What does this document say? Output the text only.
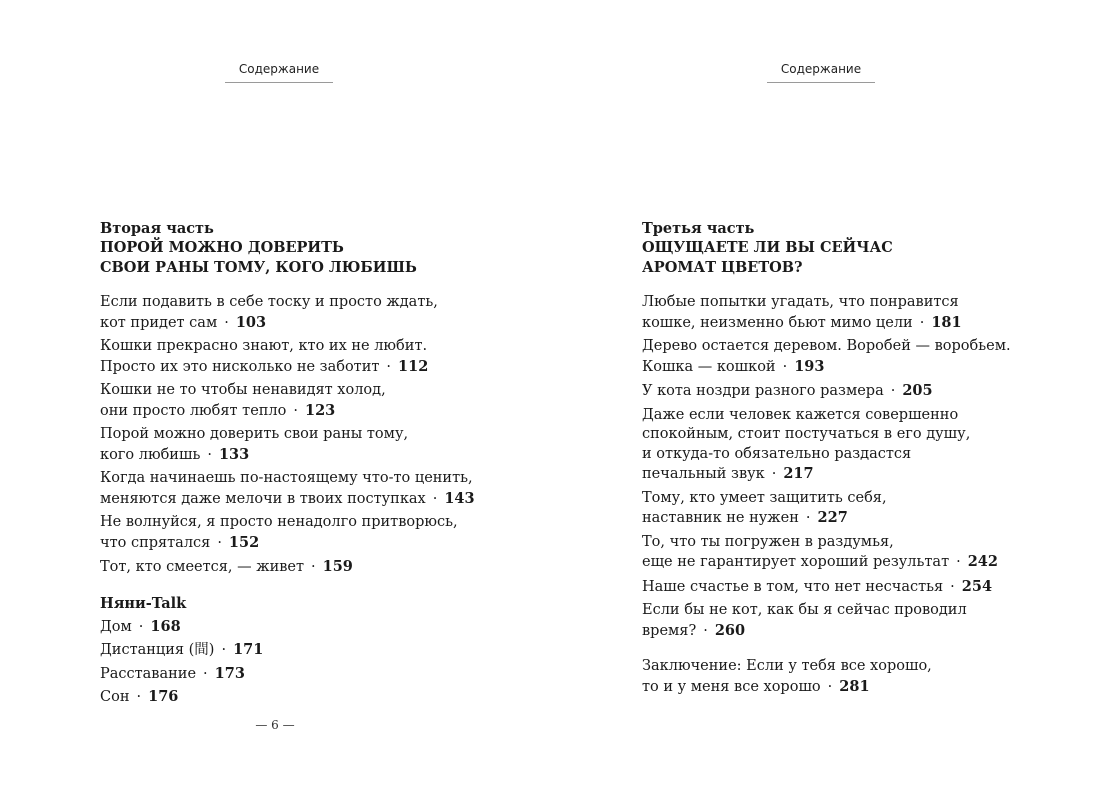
Содержание
Вторая часть
ПОРОЙ МОЖНО ДОВЕРИТЬ
СВОИ РАНЫ ТОМУ, КОГО ЛЮБИШЬ
Если подавить в себе тоску и просто ждать,
кот придет сам · 103
Кошки прекрасно знают, кто их не любит.
Просто их это нисколько не заботит · 112
Кошки не то чтобы ненавидят холод,
они просто любят тепло · 123
Порой можно доверить свои раны тому,
кого любишь · 133
Когда начинаешь по-настоящему что-то ценить,
меняются даже мелочи в твоих поступках · 143
Не волнуйся, я просто ненадолго притворюсь,
что спрятался · 152
Тот, кто смеется, — живет · 159
Няни-Talk
Дом · 168
Дистанция (間) · 171
Расставание · 173
Сон · 176
— 6 —
Содержание
Третья часть
ОЩУЩАЕТЕ ЛИ ВЫ СЕЙЧАС
АРОМАТ ЦВЕТОВ?
Любые попытки угадать, что понравится
кошке, неизменно бьют мимо цели · 181
Дерево остается деревом. Воробей — воробьем.
Кошка — кошкой · 193
У кота ноздри разного размера · 205
Даже если человек кажется совершенно
спокойным, стоит постучаться в его душу,
и откуда-то обязательно раздастся
печальный звук · 217
Тому, кто умеет защитить себя,
наставник не нужен · 227
То, что ты погружен в раздумья,
еще не гарантирует хороший результат · 242
Наше счастье в том, что нет несчастья · 254
Если бы не кот, как бы я сейчас проводил
время? · 260
Заключение: Если у тебя все хорошо,
то и у меня все хорошо · 281
